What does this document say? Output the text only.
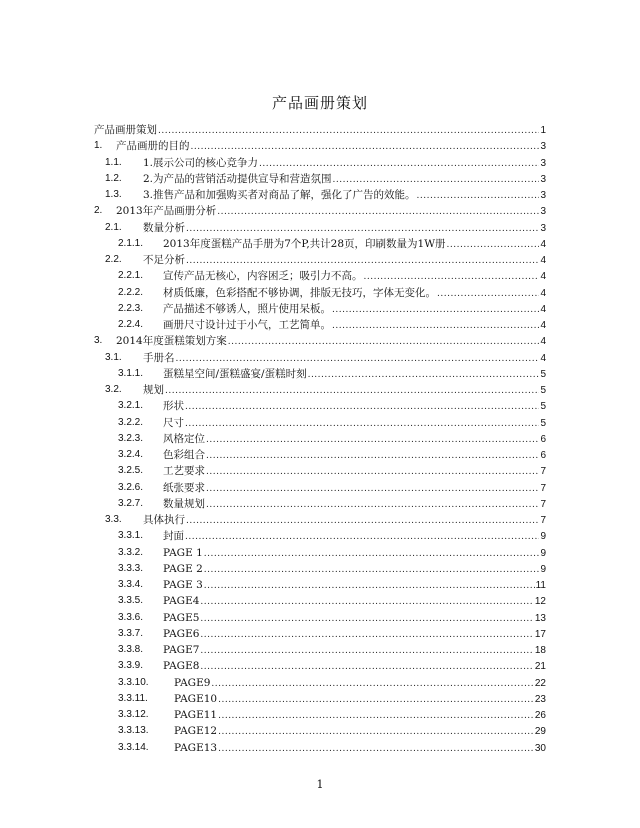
产品画册策划
产品画册策划 .....	1
1. 产品画册的目的 .....	3
1.1. 1.展示公司的核心竞争力 .....	3
1.2. 2.为产品的营销活动提供宣导和营造氛围 .....	3
1.3. 3.推售产品和加强购买者对商品了解，强化了广告的效能。 .....	3
2. 2013年产品画册分析 .....	3
2.1. 数量分析 .....	3
2.1.1. 2013年度蛋糕产品手册为7个P,共计28页，印刷数量为1W册 .....	4
2.2. 不足分析 .....	4
2.2.1. 宣传产品无核心，内容困乏；吸引力不高。 .....	4
2.2.2. 材质低廉，色彩搭配不够协调，排版无技巧，字体无变化。 .....	4
2.2.3. 产品描述不够诱人，照片使用呆板。 .....	4
2.2.4. 画册尺寸设计过于小气，工艺简单。 .....	4
3. 2014年度蛋糕策划方案 .....	4
3.1. 手册名 .....	4
3.1.1. 蛋糕星空间/蛋糕盛宴/蛋糕时刻 .....	5
3.2. 规划 .....	5
3.2.1. 形状 .....	5
3.2.2. 尺寸 .....	5
3.2.3. 风格定位 .....	6
3.2.4. 色彩组合 .....	6
3.2.5. 工艺要求 .....	7
3.2.6. 纸张要求 .....	7
3.2.7. 数量规划 .....	7
3.3. 具体执行 .....	7
3.3.1. 封面 .....	9
3.3.2. PAGE 1 .....	9
3.3.3. PAGE 2 .....	9
3.3.4. PAGE 3 .....	11
3.3.5. PAGE4 .....	12
3.3.6. PAGE5 .....	13
3.3.7. PAGE6 .....	17
3.3.8. PAGE7 .....	18
3.3.9. PAGE8 .....	21
3.3.10. PAGE9 .....	22
3.3.11. PAGE10 .....	23
3.3.12. PAGE11 .....	26
3.3.13. PAGE12 .....	29
3.3.14. PAGE13 .....	30
1
